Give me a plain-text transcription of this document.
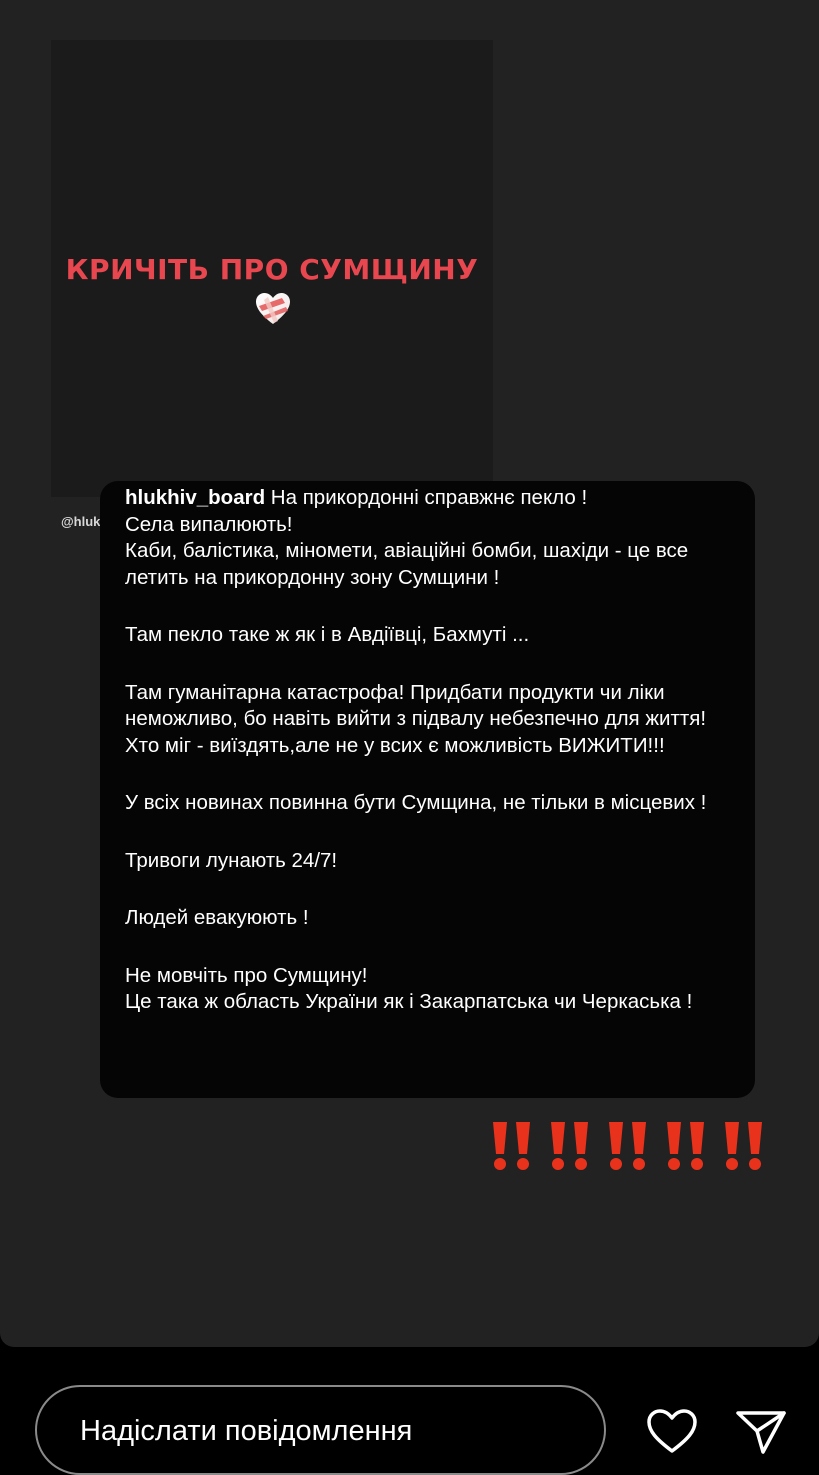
КРИЧІТЬ ПРО СУМЩИНУ
@hluk

hlukhiv_board На прикордонні справжнє пекло !

Села випалюють!

Каби, балістика, міномети, авіаційні бомби, шахіди - це все летить на прикордонну зону Сумщини !

Там пекло таке ж як і в Авдіївці, Бахмуті ...

Там гуманітарна катастрофа! Придбати продукти чи ліки неможливо, бо навіть вийти з підвалу небезпечно для життя! Хто міг - виїздять,але не у всих є можливість ВИЖИТИ!!!

У всіх новинах повинна бути Сумщина, не тільки в місцевих !

Тривоги лунають 24/7!

Людей евакуюють !

Не мовчіть про Сумщину!

Це така ж область України як і Закарпатська чи Черкаська !

Надіслати повідомлення
